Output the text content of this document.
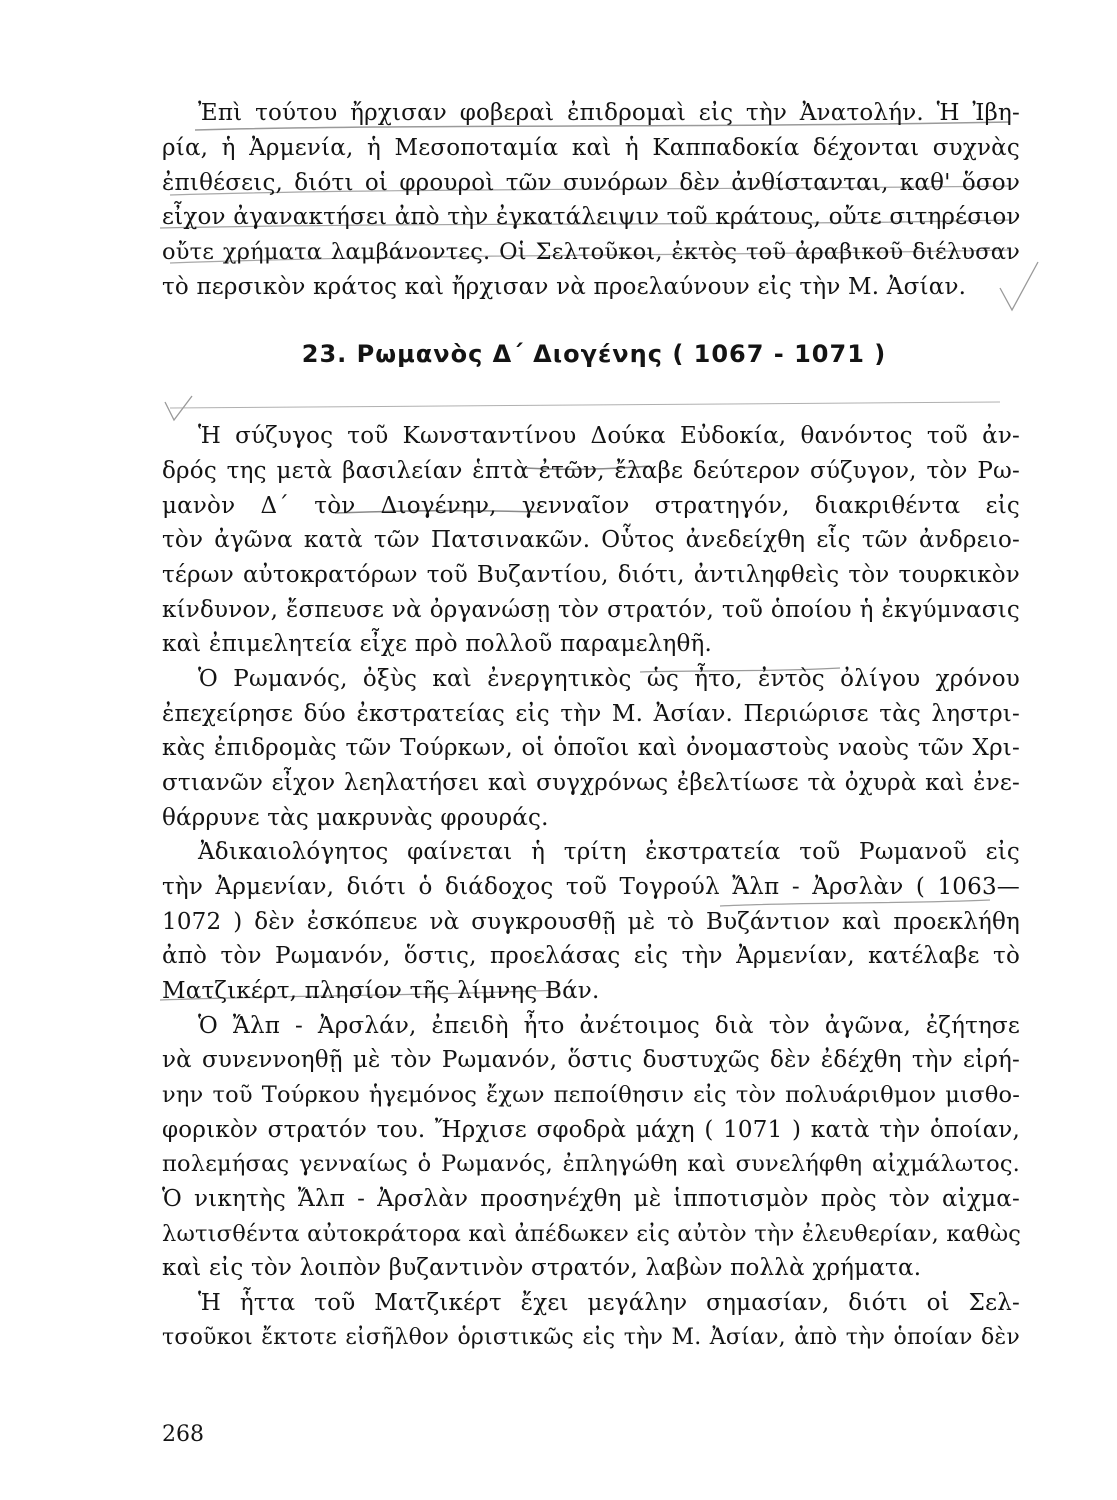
Ἐπὶ τούτου ἤρχισαν φοβεραὶ ἐπιδρομαὶ εἰς τὴν Ἀνατολήν. Ἡ Ἰβη-
ρία, ἡ Ἀρμενία, ἡ Μεσοποταμία καὶ ἡ Καππαδοκία δέχονται συχνὰς
ἐπιθέσεις, διότι οἱ φρουροὶ τῶν συνόρων δὲν ἀνθίστανται, καθ' ὅσον
εἶχον ἀγανακτήσει ἀπὸ τὴν ἐγκατάλειψιν τοῦ κράτους, οὔτε σιτηρέσιον
οὔτε χρήματα λαμβάνοντες. Οἱ Σελτοῦκοι, ἐκτὸς τοῦ ἀραβικοῦ διέλυσαν
τὸ περσικὸν κράτος καὶ ἤρχισαν νὰ προελαύνουν εἰς τὴν Μ. Ἀσίαν.
23. Ρωμανὸς Δ΄ Διογένης ( 1067 - 1071 )
Ἡ σύζυγος τοῦ Κωνσταντίνου Δούκα Εὐδοκία, θανόντος τοῦ ἀν-
δρός της μετὰ βασιλείαν ἑπτὰ ἐτῶν, ἔλαβε δεύτερον σύζυγον, τὸν Ρω-
μανὸν Δ΄ τὸν Διογένην, γενναῖον στρατηγόν, διακριθέντα εἰς
τὸν ἀγῶνα κατὰ τῶν Πατσινακῶν. Οὗτος ἀνεδείχθη εἷς τῶν ἀνδρειο-
τέρων αὐτοκρατόρων τοῦ Βυζαντίου, διότι, ἀντιληφθεὶς τὸν τουρκικὸν
κίνδυνον, ἔσπευσε νὰ ὀργανώσῃ τὸν στρατόν, τοῦ ὁποίου ἡ ἐκγύμνασις
καὶ ἐπιμελητεία εἶχε πρὸ πολλοῦ παραμεληθῆ.
Ὁ Ρωμανός, ὀξὺς καὶ ἐνεργητικὸς ὡς ἦτο, ἐντὸς ὀλίγου χρόνου
ἐπεχείρησε δύο ἐκστρατείας εἰς τὴν Μ. Ἀσίαν. Περιώρισε τὰς ληστρι-
κὰς ἐπιδρομὰς τῶν Τούρκων, οἱ ὁποῖοι καὶ ὀνομαστοὺς ναοὺς τῶν Χρι-
στιανῶν εἶχον λεηλατήσει καὶ συγχρόνως ἐβελτίωσε τὰ ὀχυρὰ καὶ ἐνε-
θάρρυνε τὰς μακρυνὰς φρουράς.
Ἀδικαιολόγητος φαίνεται ἡ τρίτη ἐκστρατεία τοῦ Ρωμανοῦ εἰς
τὴν Ἀρμενίαν, διότι ὁ διάδοχος τοῦ Τογρούλ Ἄλπ - Ἀρσλὰν ( 1063—
1072 ) δὲν ἐσκόπευε νὰ συγκρουσθῇ μὲ τὸ Βυζάντιον καὶ προεκλήθη
ἀπὸ τὸν Ρωμανόν, ὅστις, προελάσας εἰς τὴν Ἀρμενίαν, κατέλαβε τὸ
Ματζικέρτ, πλησίον τῆς λίμνης Βάν.
Ὁ Ἄλπ - Ἀρσλάν, ἐπειδὴ ἦτο ἀνέτοιμος διὰ τὸν ἀγῶνα, ἐζήτησε
νὰ συνεννοηθῇ μὲ τὸν Ρωμανόν, ὅστις δυστυχῶς δὲν ἐδέχθη τὴν εἰρή-
νην τοῦ Τούρκου ἡγεμόνος ἔχων πεποίθησιν εἰς τὸν πολυάριθμον μισθο-
φορικὸν στρατόν του. Ἤρχισε σφοδρὰ μάχη ( 1071 ) κατὰ τὴν ὁποίαν,
πολεμήσας γενναίως ὁ Ρωμανός, ἐπληγώθη καὶ συνελήφθη αἰχμάλωτος.
Ὁ νικητὴς Ἄλπ - Ἀρσλὰν προσηνέχθη μὲ ἱπποτισμὸν πρὸς τὸν αἰχμα-
λωτισθέντα αὐτοκράτορα καὶ ἀπέδωκεν εἰς αὐτὸν τὴν ἐλευθερίαν, καθὼς
καὶ εἰς τὸν λοιπὸν βυζαντινὸν στρατόν, λαβὼν πολλὰ χρήματα.
Ἡ ἧττα τοῦ Ματζικέρτ ἔχει μεγάλην σημασίαν, διότι οἱ Σελ-
τσοῦκοι ἔκτοτε εἰσῆλθον ὁριστικῶς εἰς τὴν Μ. Ἀσίαν, ἀπὸ τὴν ὁποίαν δὲν
268
